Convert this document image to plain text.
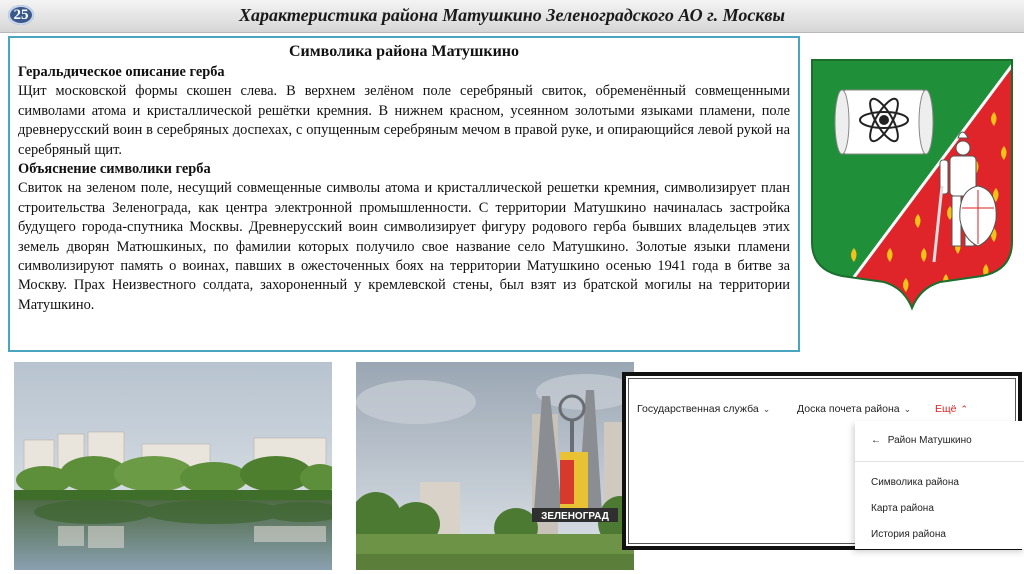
25	Характеристика района Матушкино Зеленоградского АО г. Москвы
Символика района Матушкино
Геральдическое описание герба
Щит московской формы скошен слева. В верхнем зелёном поле серебряный свиток, обременённый совмещенными символами атома и кристаллической решётки кремния. В нижнем красном, усеянном золотыми языками пламени, поле древнерусский воин в серебряных доспехах, с опущенным серебряным мечом в правой руке, и опирающийся левой рукой на серебряный щит.
Объяснение символики герба
Свиток на зеленом поле, несущий совмещенные символы атома и кристаллической решетки кремния, символизирует план строительства Зеленограда, как центра электронной промышленности. С территории Матушкино начиналась застройка будущего города-спутника Москвы. Древнерусский воин символизирует фигуру родового герба бывших владельцев этих земель дворян Матюшкиных, по фамилии которых получило свое название село Матушкино. Золотые языки пламени символизируют память о воинах, павших в ожесточенных боях на территории Матушкино осенью 1941 года в битве за Москву. Прах Неизвестного солдата, захороненный у кремлевской стены, был взят из братской могилы на территории Матушкино.
ЗЕЛЕНОГРАД
Государственная служба ⌄	Доска почета района ⌄ Ещё ⌃
← Район Матушкино
Символика района
Карта района
История района
